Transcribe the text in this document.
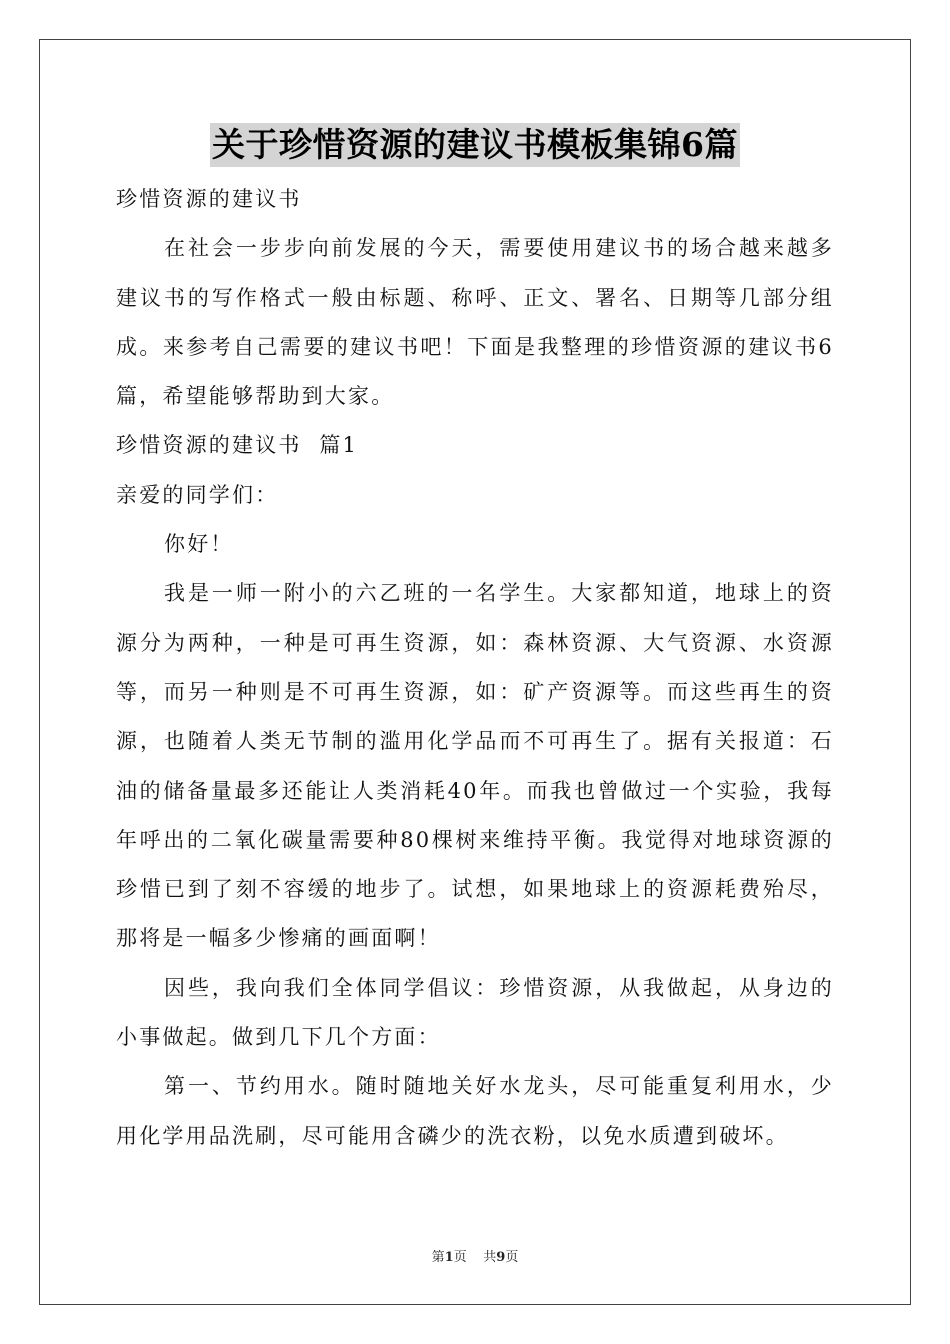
关于珍惜资源的建议书模板集锦6篇

珍惜资源的建议书

在社会一步步向前发展的今天，需要使用建议书的场合越来越多建议书的写作格式一般由标题、称呼、正文、署名、日期等几部分组成。来参考自己需要的建议书吧！下面是我整理的珍惜资源的建议书6篇，希望能够帮助到大家。

珍惜资源的建议书  篇1

亲爱的同学们：

你好！

我是一师一附小的六乙班的一名学生。大家都知道，地球上的资源分为两种，一种是可再生资源，如：森林资源、大气资源、水资源等，而另一种则是不可再生资源，如：矿产资源等。而这些再生的资源，也随着人类无节制的滥用化学品而不可再生了。据有关报道：石油的储备量最多还能让人类消耗40年。而我也曾做过一个实验，我每年呼出的二氧化碳量需要种80棵树来维持平衡。我觉得对地球资源的珍惜已到了刻不容缓的地步了。试想，如果地球上的资源耗费殆尽，那将是一幅多少惨痛的画面啊！

因些，我向我们全体同学倡议：珍惜资源，从我做起，从身边的小事做起。做到几下几个方面：

第一、节约用水。随时随地关好水龙头，尽可能重复利用水，少用化学用品洗刷，尽可能用含磷少的洗衣粉，以免水质遭到破坏。

第1页 共9页
